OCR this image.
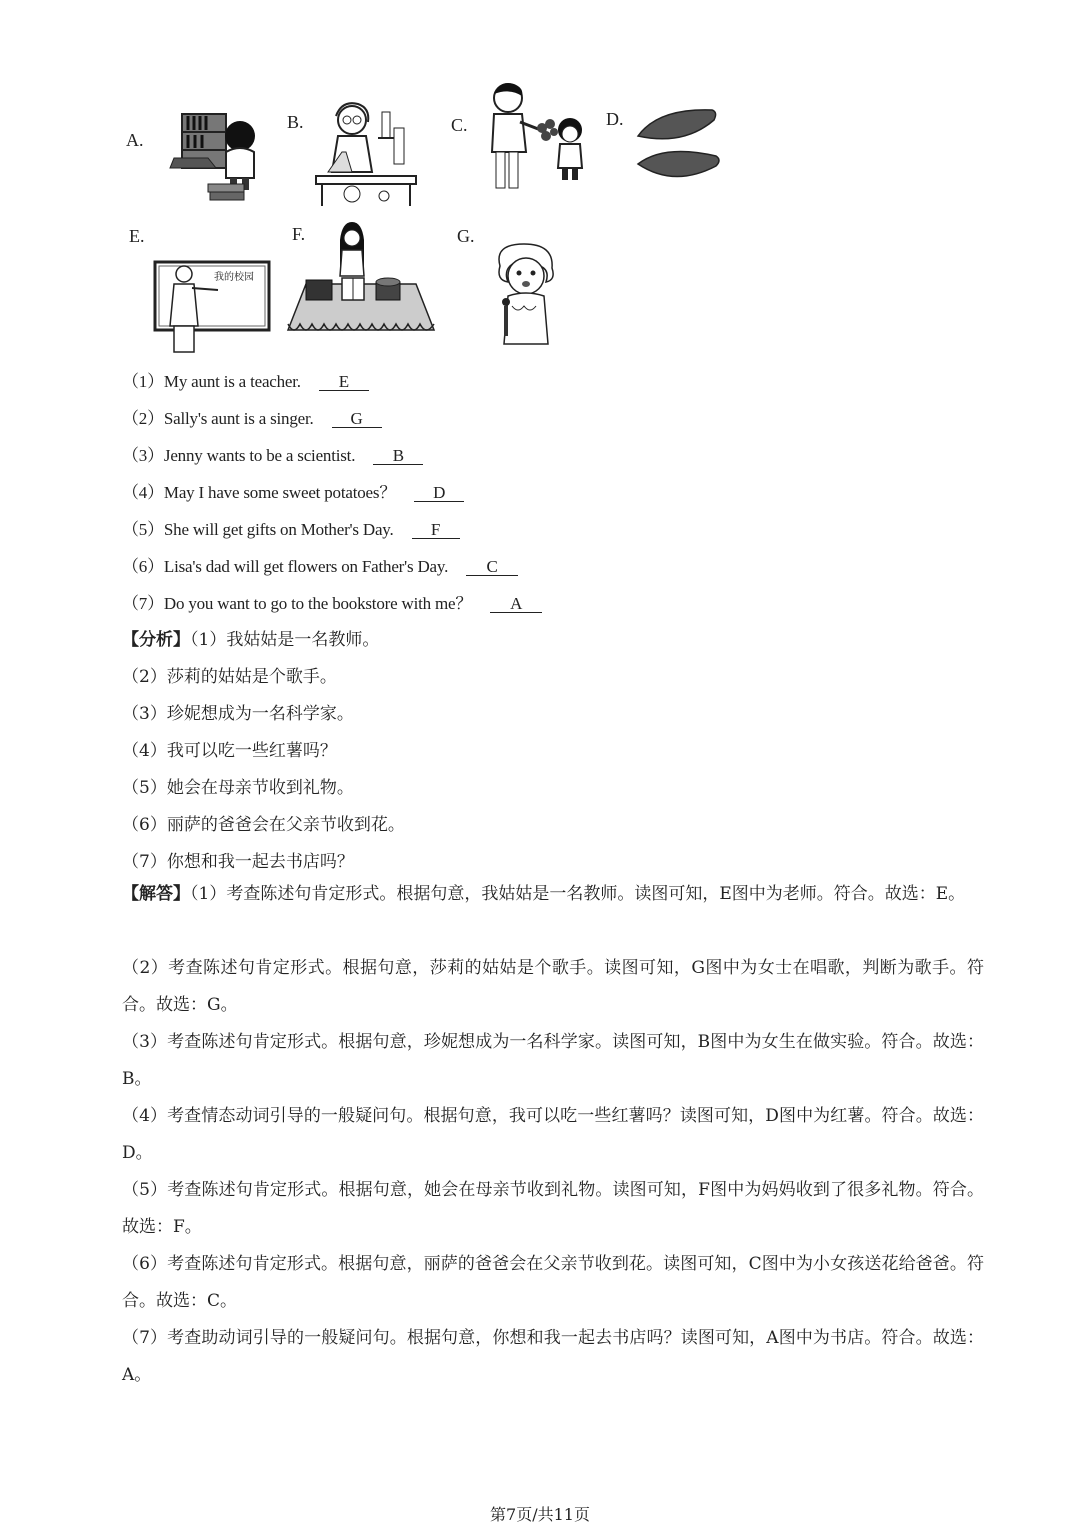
A.
B.	C.	D.
E.	F.	G.
我的校园
（1）My aunt is a teacher. E
（2）Sally's aunt is a singer. G
（3）Jenny wants to be a scientist. B
（4）May I have some sweet potatoes？ D
（5）She will get gifts on Mother's Day. F
（6）Lisa's dad will get flowers on Father's Day. C
（7）Do you want to go to the bookstore with me？ A
【分析】（1）我姑姑是一名教师。
（2）莎莉的姑姑是个歌手。
（3）珍妮想成为一名科学家。
（4）我可以吃一些红薯吗？
（5）她会在母亲节收到礼物。
（6）丽萨的爸爸会在父亲节收到花。
（7）你想和我一起去书店吗？
【解答】（1）考查陈述句肯定形式。根据句意，我姑姑是一名教师。读图可知，E图中为老师。符合。故选：E。
（2）考查陈述句肯定形式。根据句意，莎莉的姑姑是个歌手。读图可知，G图中为女士在唱歌，判断为歌手。符合。故选：G。
（3）考查陈述句肯定形式。根据句意，珍妮想成为一名科学家。读图可知，B图中为女生在做实验。符合。故选：B。
（4）考查情态动词引导的一般疑问句。根据句意，我可以吃一些红薯吗？读图可知，D图中为红薯。符合。故选：D。
（5）考查陈述句肯定形式。根据句意，她会在母亲节收到礼物。读图可知，F图中为妈妈收到了很多礼物。符合。故选：F。
（6）考查陈述句肯定形式。根据句意，丽萨的爸爸会在父亲节收到花。读图可知，C图中为小女孩送花给爸爸。符合。故选：C。
（7）考查助动词引导的一般疑问句。根据句意，你想和我一起去书店吗？读图可知，A图中为书店。符合。故选：A。
第7页/共11页
